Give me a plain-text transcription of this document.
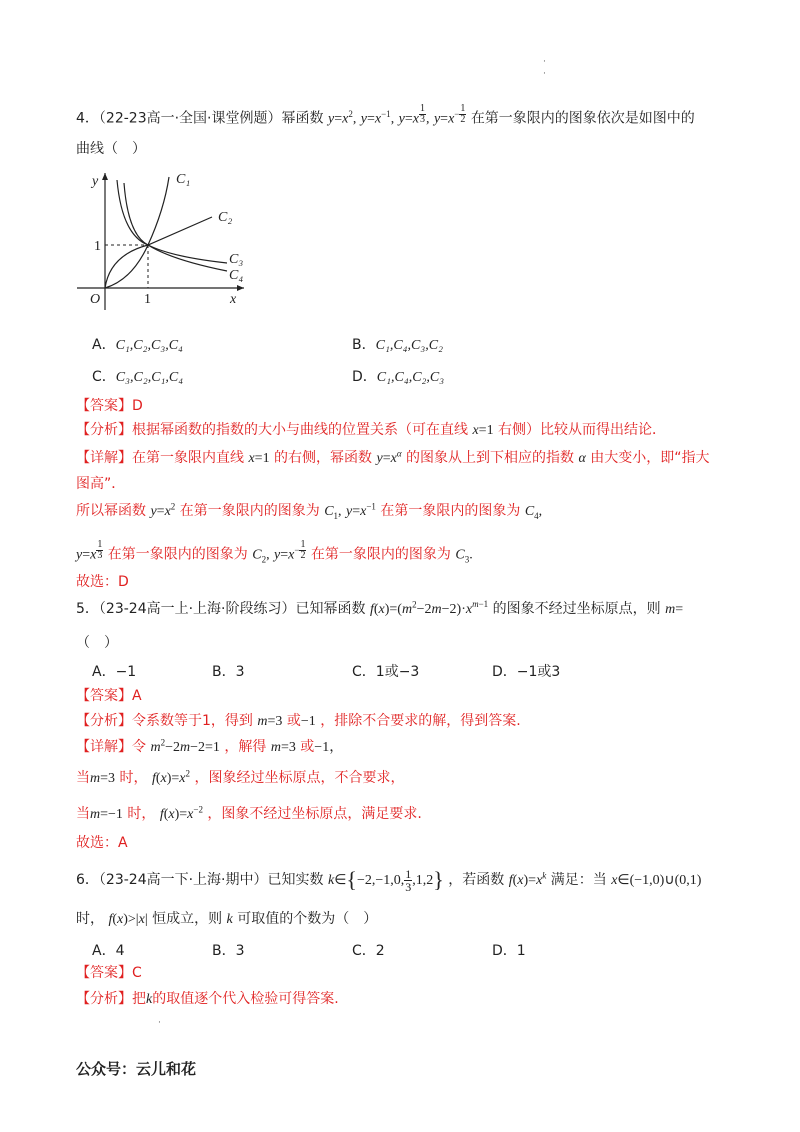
·
·
4．（22-23高一·全国·课堂例题）幂函数 $y=x^2$, $y=x^{-1}$, y=x $^{\frac{1}{3}}$ , $y=x^{- \frac{1}{2}}$ 在第一象限内的图象依次是如图中的
曲线（　）
y
x
O	1
1
C₁
C₂
C₃
C₄
A．C₁,C₂,C₃,C₄	B．C₁,C₄,C₃,C₂
C．C₃,C₂,C₁,C₄	D．C₁,C₄,C₂,C₃
【答案】D
【分析】根据幂函数的指数的大小与曲线的位置关系（可在直线 x=1 右侧）比较从而得出结论．
【详解】在第一象限内直线 x=1 的右侧，幂函数 $y=x^\alpha$ 的图象从上到下相应的指数 α 由大变小，即“指大
图高”．
所以幂函数 $y=x^2$ 在第一象限内的图象为 $C_1$, $y=x^{-1}$ 在第一象限内的图象为 $C_4$,
y=x $^{\frac{1}{3}}$ 在第一象限内的图象为 $C_2$, $y=x^{- \frac{1}{2}}$ 在第一象限内的图象为 $C_3$.
故选：D
5．（23-24高一上·上海·阶段练习）已知幂函数 $f(x)=(m^2-2m-2)\cdot x^{m-1}$ 的图象不经过坐标原点，则 m=
（　）
A．−1	B．3	C．1或−3	D．−1或3
【答案】A
【分析】令系数等于1，得到 m=3 或−1 ，排除不合要求的解，得到答案.
【详解】令 $m^2-2m-2=1$ ，解得 m=3 或−1，
当m=3 时， $f(x)=x^2$ ，图象经过坐标原点，不合要求，
当m=−1 时， $f(x)=x^{-2}$ ，图象不经过坐标原点，满足要求.
故选：A
6．（23-24高一下·上海·期中）已知实数 k∈{−2,−1,0, $\frac{1}{3} ,1,2$} ，若函数 $f(x)=x^k$ 满足：当 x∈(−1,0)∪(0,1)
时， f(x)>|x| 恒成立，则 k 可取值的个数为（　）
A．4	B．3	C．2	D．1
【答案】C
【分析】把k的取值逐个代入检验可得答案.
·
公众号：云儿和花
